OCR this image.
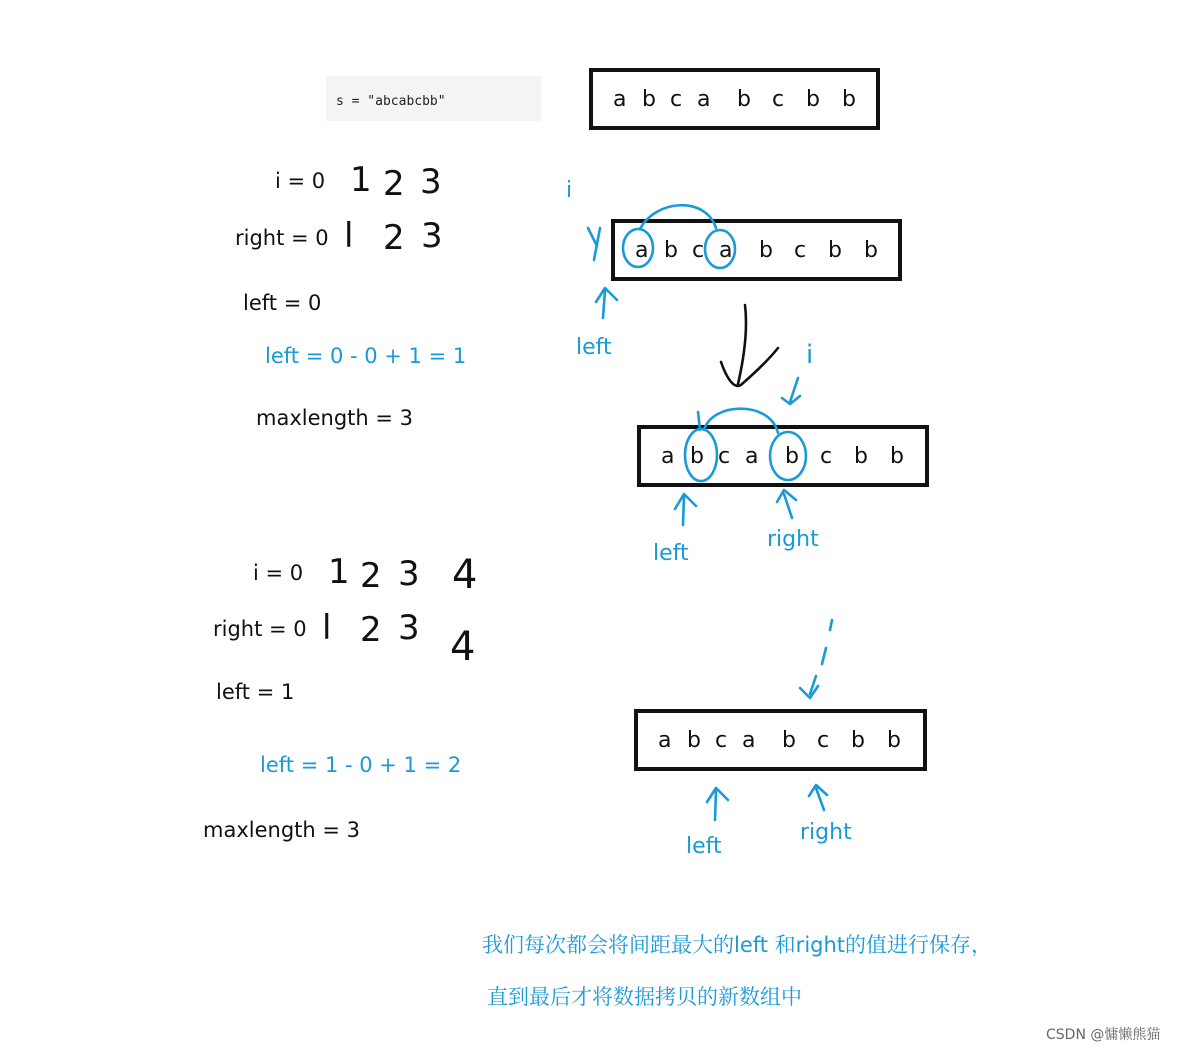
s = "abcabcbb"
i = 0 1 2 3
right = 0 l 2 3
left = 0
left = 0 - 0 + 1 = 1
maxlength = 3
i = 0 1 2 3 4
right = 0 l 2 3 4
left = 1
left = 1 - 0 + 1 = 2
maxlength = 3
a b c a b c b b
a b c a b c b b
a b c a b c b b
a b c a b c b b
i
left	i
left
right
left
right
我们每次都会将间距最大的left 和right的值进行保存，
直到最后才将数据拷贝的新数组中
CSDN @慵懒熊猫
